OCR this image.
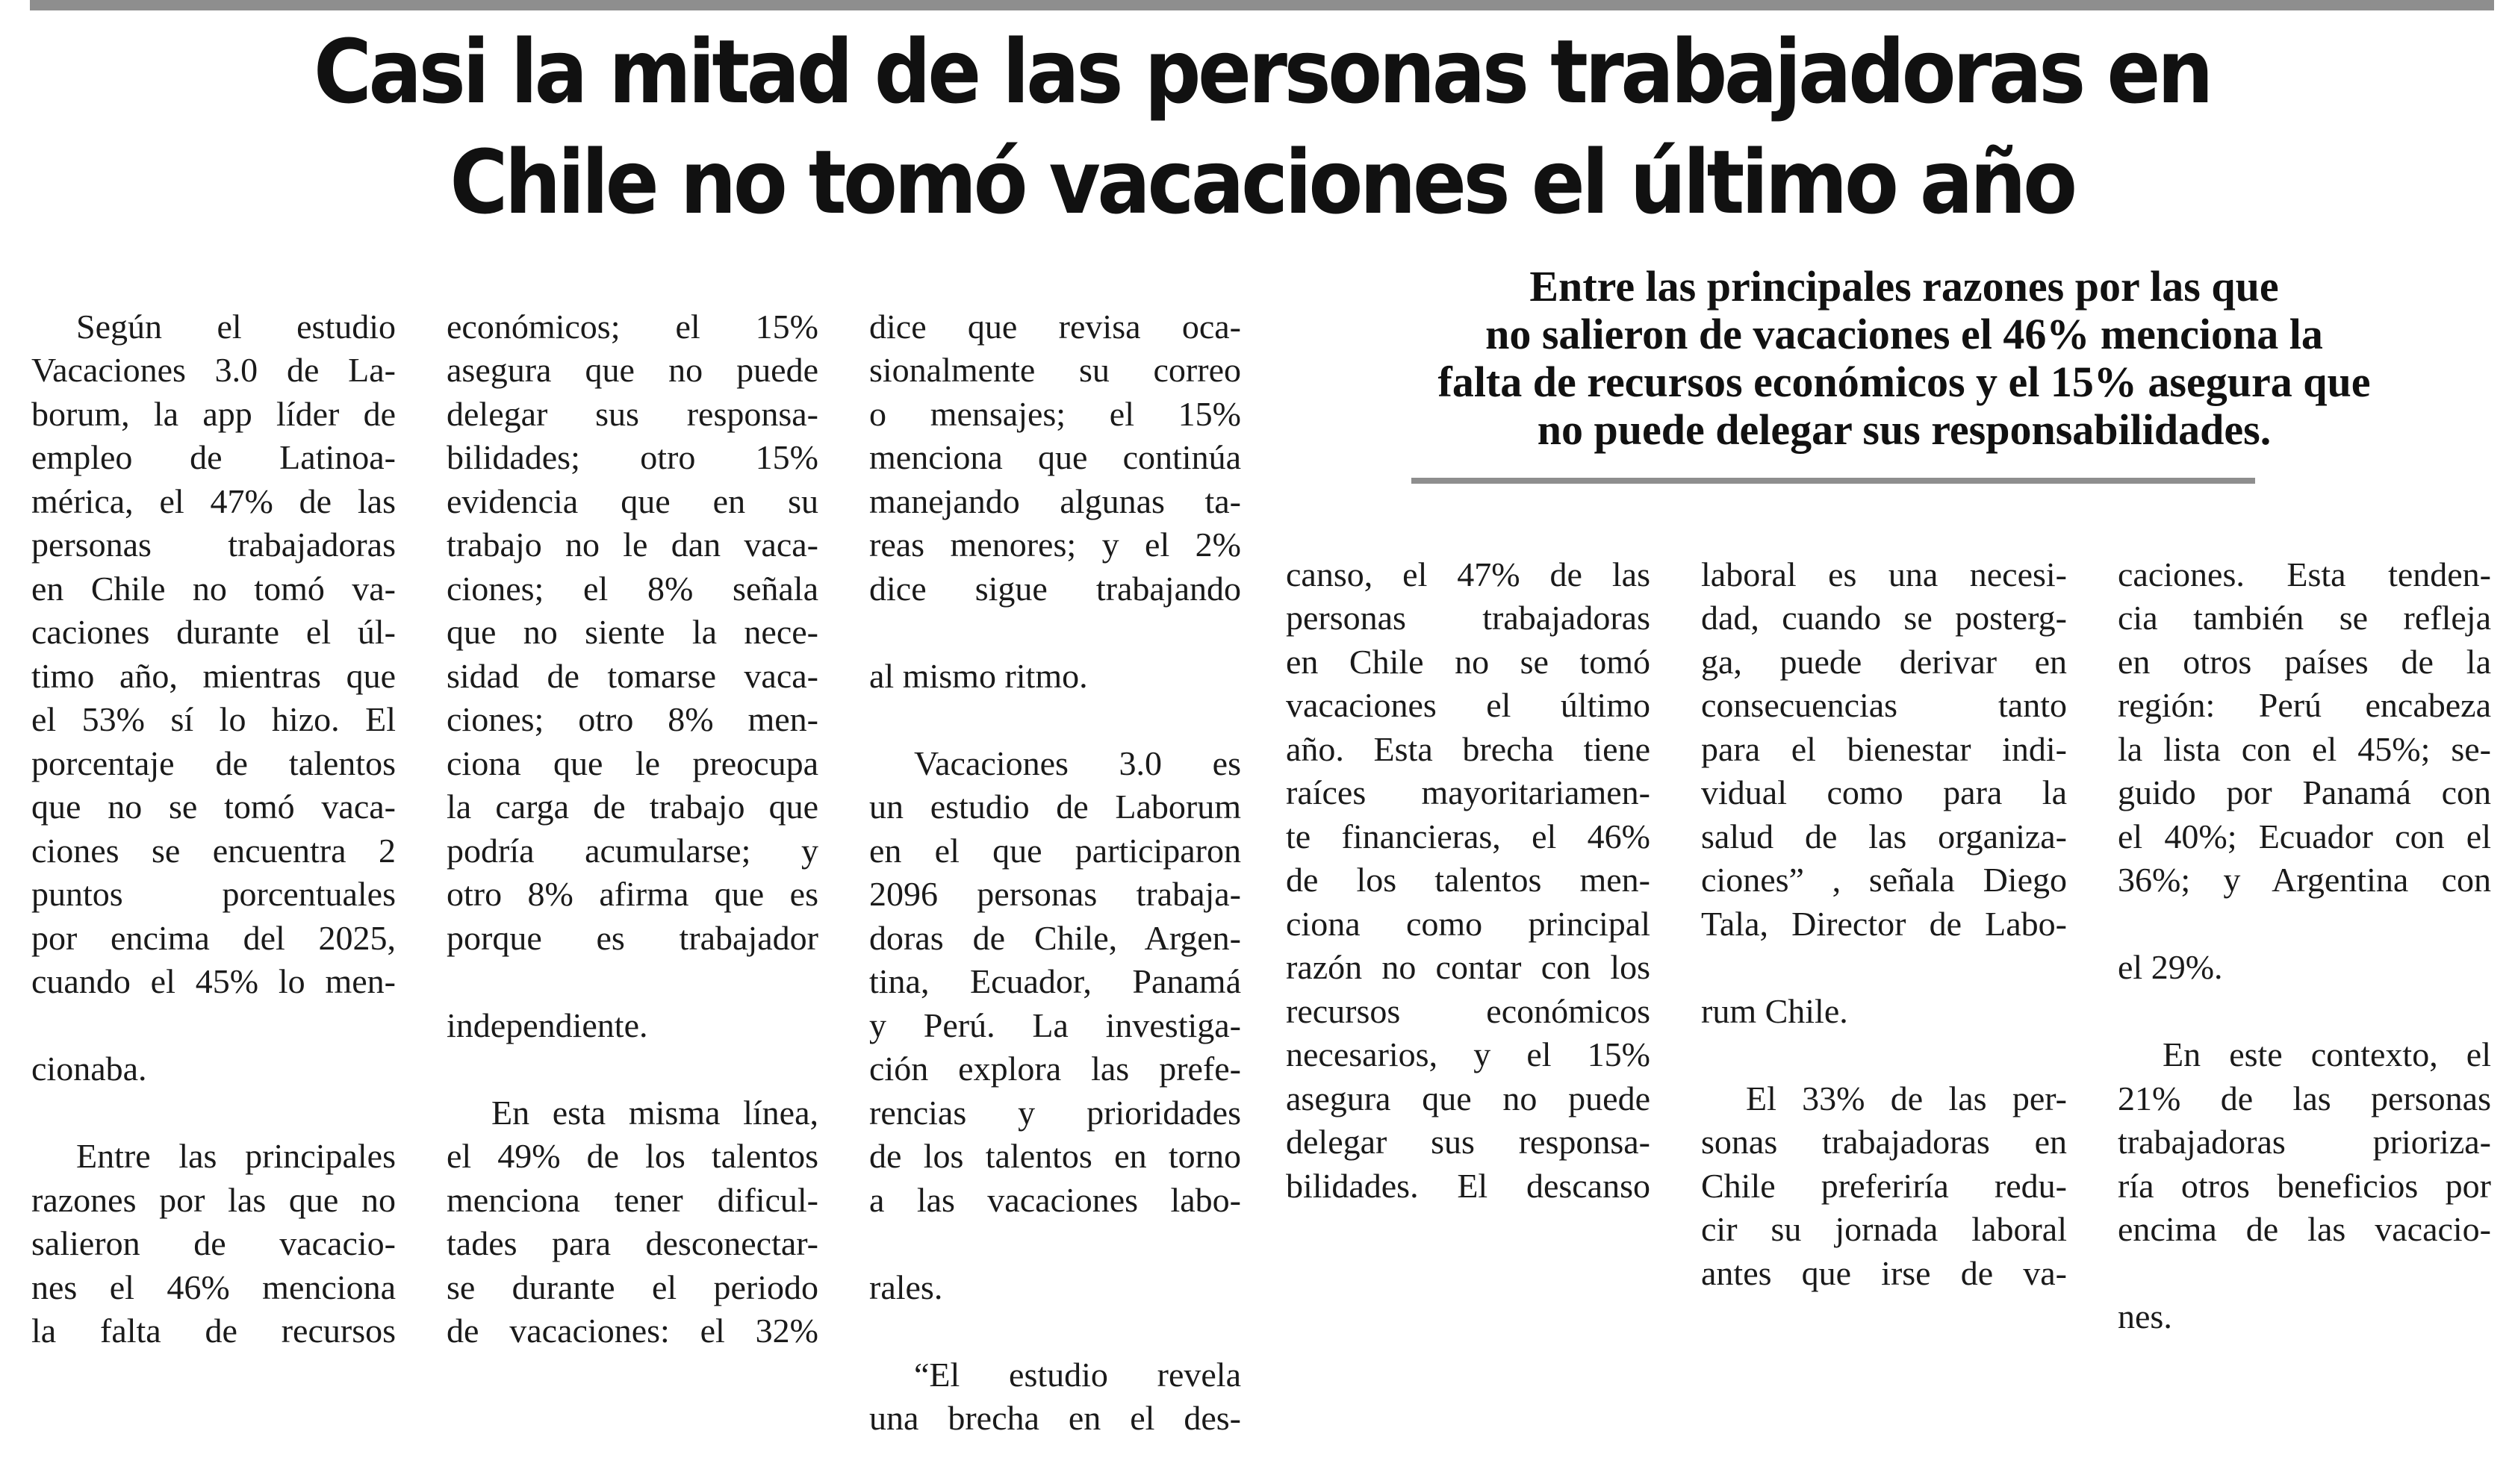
Casi la mitad de las personas trabajadoras en
Chile no tomó vacaciones el último año

Según el estudio
Vacaciones 3.0 de La-
borum, la app líder de
empleo de Latinoa-
mérica, el 47% de las
personas trabajadoras
en Chile no tomó va-
caciones durante el úl-
timo año, mientras que
el 53% sí lo hizo. El
porcentaje de talentos
que no se tomó vaca-
ciones se encuentra 2
puntos porcentuales
por encima del 2025,
cuando el 45% lo men-

cionaba.

Entre las principales
razones por las que no
salieron de vacacio-
nes el 46% menciona
la falta de recursos

económicos; el 15%
asegura que no puede
delegar sus responsa-
bilidades; otro 15%
evidencia que en su
trabajo no le dan vaca-
ciones; el 8% señala
que no siente la nece-
sidad de tomarse vaca-
ciones; otro 8% men-
ciona que le preocupa
la carga de trabajo que
podría acumularse; y
otro 8% afirma que es
porque es trabajador

independiente.

En esta misma línea,
el 49% de los talentos
menciona tener dificul-
tades para desconectar-
se durante el periodo
de vacaciones: el 32%

dice que revisa oca-
sionalmente su correo
o mensajes; el 15%
menciona que continúa
manejando algunas ta-
reas menores; y el 2%
dice sigue trabajando

al mismo ritmo.

Vacaciones 3.0 es
un estudio de Laborum
en el que participaron
2096 personas trabaja-
doras de Chile, Argen-
tina, Ecuador, Panamá
y Perú. La investiga-
ción explora las prefe-
rencias y prioridades
de los talentos en torno
a las vacaciones labo-

rales.

“El estudio revela
una brecha en el des-

Entre las principales razones por las que
no salieron de vacaciones el 46% menciona la
falta de recursos económicos y el 15% asegura que
no puede delegar sus responsabilidades.

canso, el 47% de las
personas trabajadoras
en Chile no se tomó
vacaciones el último
año. Esta brecha tiene
raíces mayoritariamen-
te financieras, el 46%
de los talentos men-
ciona como principal
razón no contar con los
recursos económicos
necesarios, y el 15%
asegura que no puede
delegar sus responsa-
bilidades. El descanso

laboral es una necesi-
dad, cuando se posterg-
ga, puede derivar en
consecuencias tanto
para el bienestar indi-
vidual como para la
salud de las organiza-
ciones” , señala Diego
Tala, Director de Labo-

rum Chile.

El 33% de las per-
sonas trabajadoras en
Chile preferiría redu-
cir su jornada laboral
antes que irse de va-

caciones. Esta tenden-
cia también se refleja
en otros países de la
región: Perú encabeza
la lista con el 45%; se-
guido por Panamá con
el 40%; Ecuador con el
36%; y Argentina con

el 29%.

En este contexto, el
21% de las personas
trabajadoras prioriza-
ría otros beneficios por
encima de las vacacio-

nes.
